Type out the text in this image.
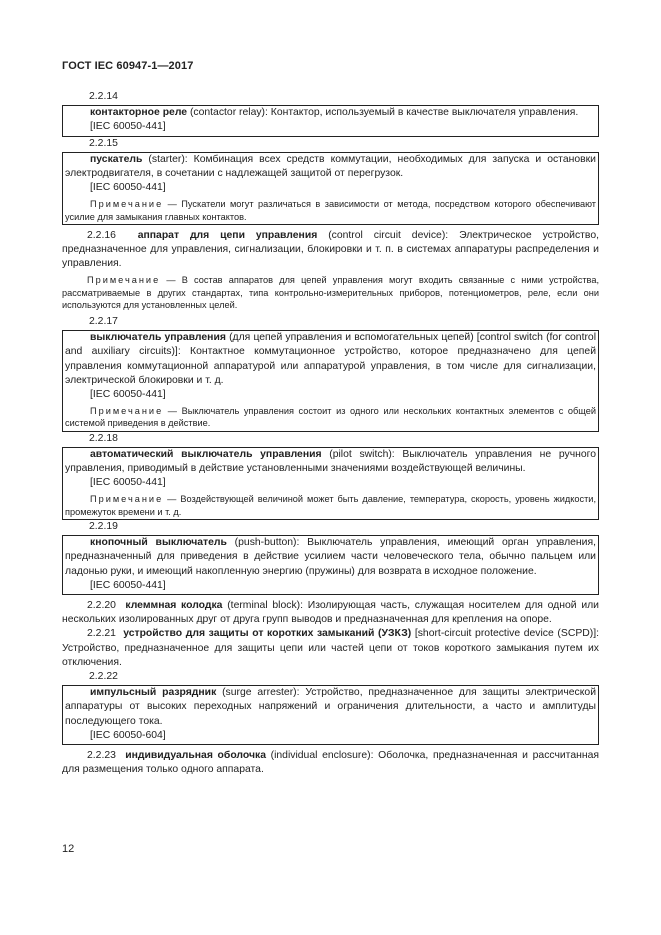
ГОСТ IEC 60947-1—2017

2.2.14

контакторное реле (contactor relay): Контактор, используемый в качестве выключателя управления.

[IEC 60050-441]

2.2.15

пускатель (starter): Комбинация всех средств коммутации, необходимых для запуска и остановки электродвигателя, в сочетании с надлежащей защитой от перегрузок.

[IEC 60050-441]

Примечание — Пускатели могут различаться в зависимости от метода, посредством которого обеспечивают усилие для замыкания главных контактов.

2.2.16 аппарат для цепи управления (control circuit device): Электрическое устройство, предназначенное для управления, сигнализации, блокировки и т. п. в системах аппаратуры распределения и управления.

Примечание — В состав аппаратов для цепей управления могут входить связанные с ними устройства, рассматриваемые в других стандартах, типа контрольно-измерительных приборов, потенциометров, реле, если они используются для установленных целей.

2.2.17

выключатель управления (для цепей управления и вспомогательных цепей) [control switch (for control and auxiliary circuits)]: Контактное коммутационное устройство, которое предназначено для цепей управления коммутационной аппаратурой или аппаратурой управления, в том числе для сигнализации, электрической блокировки и т. д.

[IEC 60050-441]

Примечание — Выключатель управления состоит из одного или нескольких контактных элементов с общей системой приведения в действие.

2.2.18

автоматический выключатель управления (pilot switch): Выключатель управления не ручного управления, приводимый в действие установленными значениями воздействующей величины.

[IEC 60050-441]

Примечание — Воздействующей величиной может быть давление, температура, скорость, уровень жидкости, промежуток времени и т. д.

2.2.19

кнопочный выключатель (push-button): Выключатель управления, имеющий орган управления, предназначенный для приведения в действие усилием части человеческого тела, обычно пальцем или ладонью руки, и имеющий накопленную энергию (пружины) для возврата в исходное положение.

[IEC 60050-441]

2.2.20 клеммная колодка (terminal block): Изолирующая часть, служащая носителем для одной или нескольких изолированных друг от друга групп выводов и предназначенная для крепления на опоре.

2.2.21 устройство для защиты от коротких замыканий (УЗКЗ) [short-circuit protective device (SCPD)]: Устройство, предназначенное для защиты цепи или частей цепи от токов короткого замыкания путем их отключения.

2.2.22

импульсный разрядник (surge arrester): Устройство, предназначенное для защиты электрической аппаратуры от высоких переходных напряжений и ограничения длительности, а часто и амплитуды последующего тока.

[IEC 60050-604]

2.2.23 индивидуальная оболочка (individual enclosure): Оболочка, предназначенная и рассчитанная для размещения только одного аппарата.

12
